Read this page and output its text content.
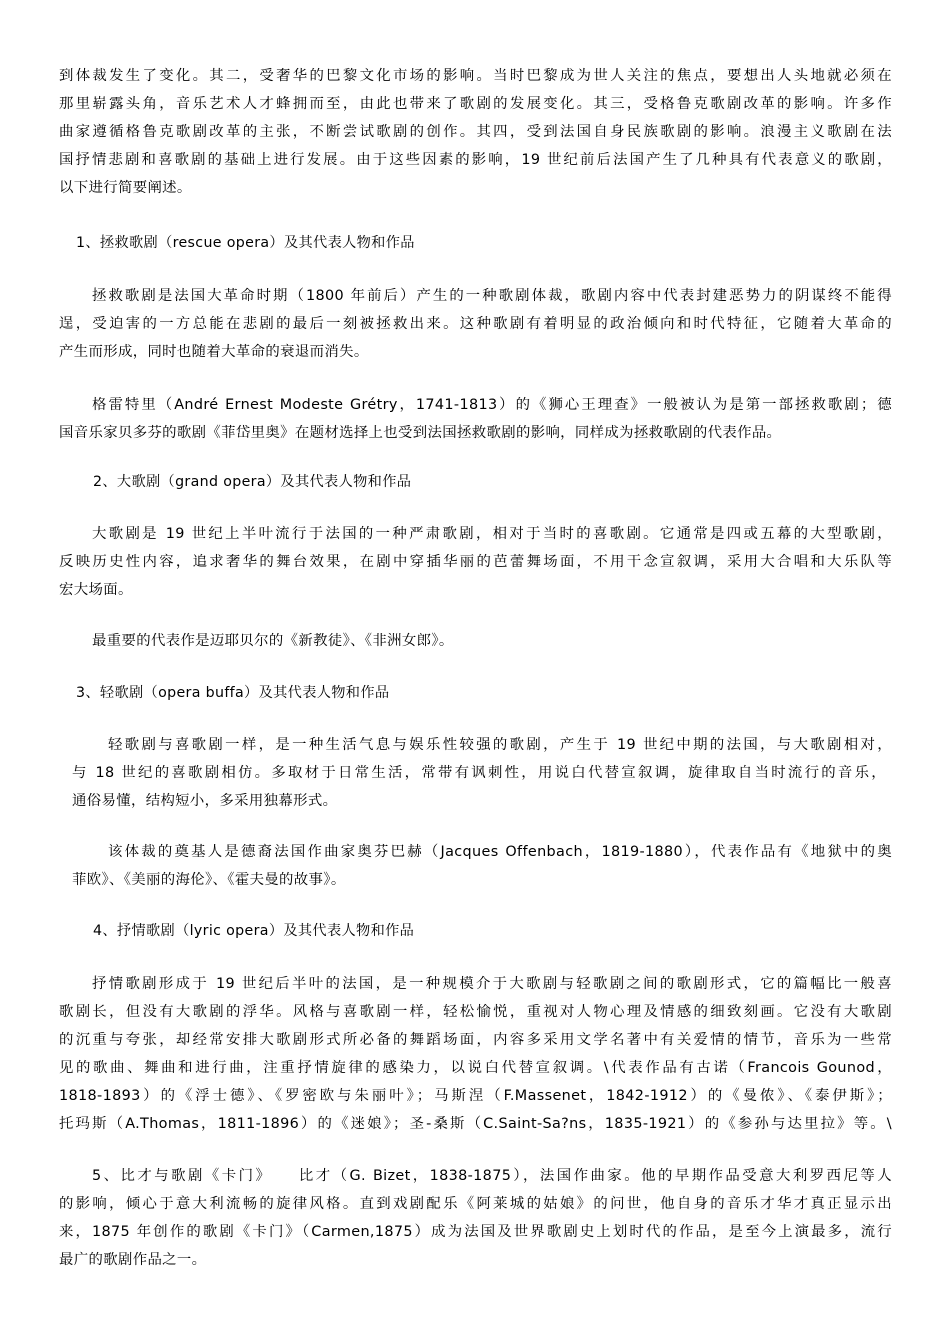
到体裁发生了变化。其二，受奢华的巴黎文化市场的影响。当时巴黎成为世人关注的焦点，要想出人头地就必须在
那里崭露头角，音乐艺术人才蜂拥而至，由此也带来了歌剧的发展变化。其三，受格鲁克歌剧改革的影响。许多作
曲家遵循格鲁克歌剧改革的主张，不断尝试歌剧的创作。其四，受到法国自身民族歌剧的影响。浪漫主义歌剧在法
国抒情悲剧和喜歌剧的基础上进行发展。由于这些因素的影响，19 世纪前后法国产生了几种具有代表意义的歌剧，
以下进行简要阐述。
1、拯救歌剧（rescue opera）及其代表人物和作品
拯救歌剧是法国大革命时期（1800 年前后）产生的一种歌剧体裁，歌剧内容中代表封建恶势力的阴谋终不能得
逞，受迫害的一方总能在悲剧的最后一刻被拯救出来。这种歌剧有着明显的政治倾向和时代特征，它随着大革命的
产生而形成，同时也随着大革命的衰退而消失。
格雷特里（André Ernest Modeste Grétry，1741-1813）的《狮心王理查》一般被认为是第一部拯救歌剧；德
国音乐家贝多芬的歌剧《菲岱里奥》在题材选择上也受到法国拯救歌剧的影响，同样成为拯救歌剧的代表作品。
2、大歌剧（grand opera）及其代表人物和作品
大歌剧是 19 世纪上半叶流行于法国的一种严肃歌剧，相对于当时的喜歌剧。它通常是四或五幕的大型歌剧，
反映历史性内容，追求奢华的舞台效果，在剧中穿插华丽的芭蕾舞场面，不用干念宣叙调，采用大合唱和大乐队等
宏大场面。
最重要的代表作是迈耶贝尔的《新教徒》、《非洲女郎》。
3、轻歌剧（opera buffa）及其代表人物和作品
轻歌剧与喜歌剧一样，是一种生活气息与娱乐性较强的歌剧，产生于 19 世纪中期的法国，与大歌剧相对，
与 18 世纪的喜歌剧相仿。多取材于日常生活，常带有讽刺性，用说白代替宣叙调，旋律取自当时流行的音乐，
通俗易懂，结构短小，多采用独幕形式。
该体裁的奠基人是德裔法国作曲家奥芬巴赫（Jacques Offenbach，1819-1880），代表作品有《地狱中的奥
菲欧》、《美丽的海伦》、《霍夫曼的故事》。
4、抒情歌剧（lyric opera）及其代表人物和作品
抒情歌剧形成于 19 世纪后半叶的法国，是一种规模介于大歌剧与轻歌剧之间的歌剧形式，它的篇幅比一般喜
歌剧长，但没有大歌剧的浮华。风格与喜歌剧一样，轻松愉悦，重视对人物心理及情感的细致刻画。它没有大歌剧
的沉重与夸张，却经常安排大歌剧形式所必备的舞蹈场面，内容多采用文学名著中有关爱情的情节，音乐为一些常
见的歌曲、舞曲和进行曲，注重抒情旋律的感染力，以说白代替宣叙调。\代表作品有古诺（Francois Gounod，
1818-1893）的《浮士德》、《罗密欧与朱丽叶》；马斯涅（F.Massenet，1842-1912）的《曼侬》、《泰伊斯》；
托玛斯（A.Thomas，1811-1896）的《迷娘》；圣-桑斯（C.Saint-Sa?ns，1835-1921）的《参孙与达里拉》等。\
5、比才与歌剧《卡门》　　比才（G. Bizet，1838-1875），法国作曲家。他的早期作品受意大利罗西尼等人
的影响，倾心于意大利流畅的旋律风格。直到戏剧配乐《阿莱城的姑娘》的问世，他自身的音乐才华才真正显示出
来，1875 年创作的歌剧《卡门》（Carmen,1875）成为法国及世界歌剧史上划时代的作品，是至今上演最多，流行
最广的歌剧作品之一。
